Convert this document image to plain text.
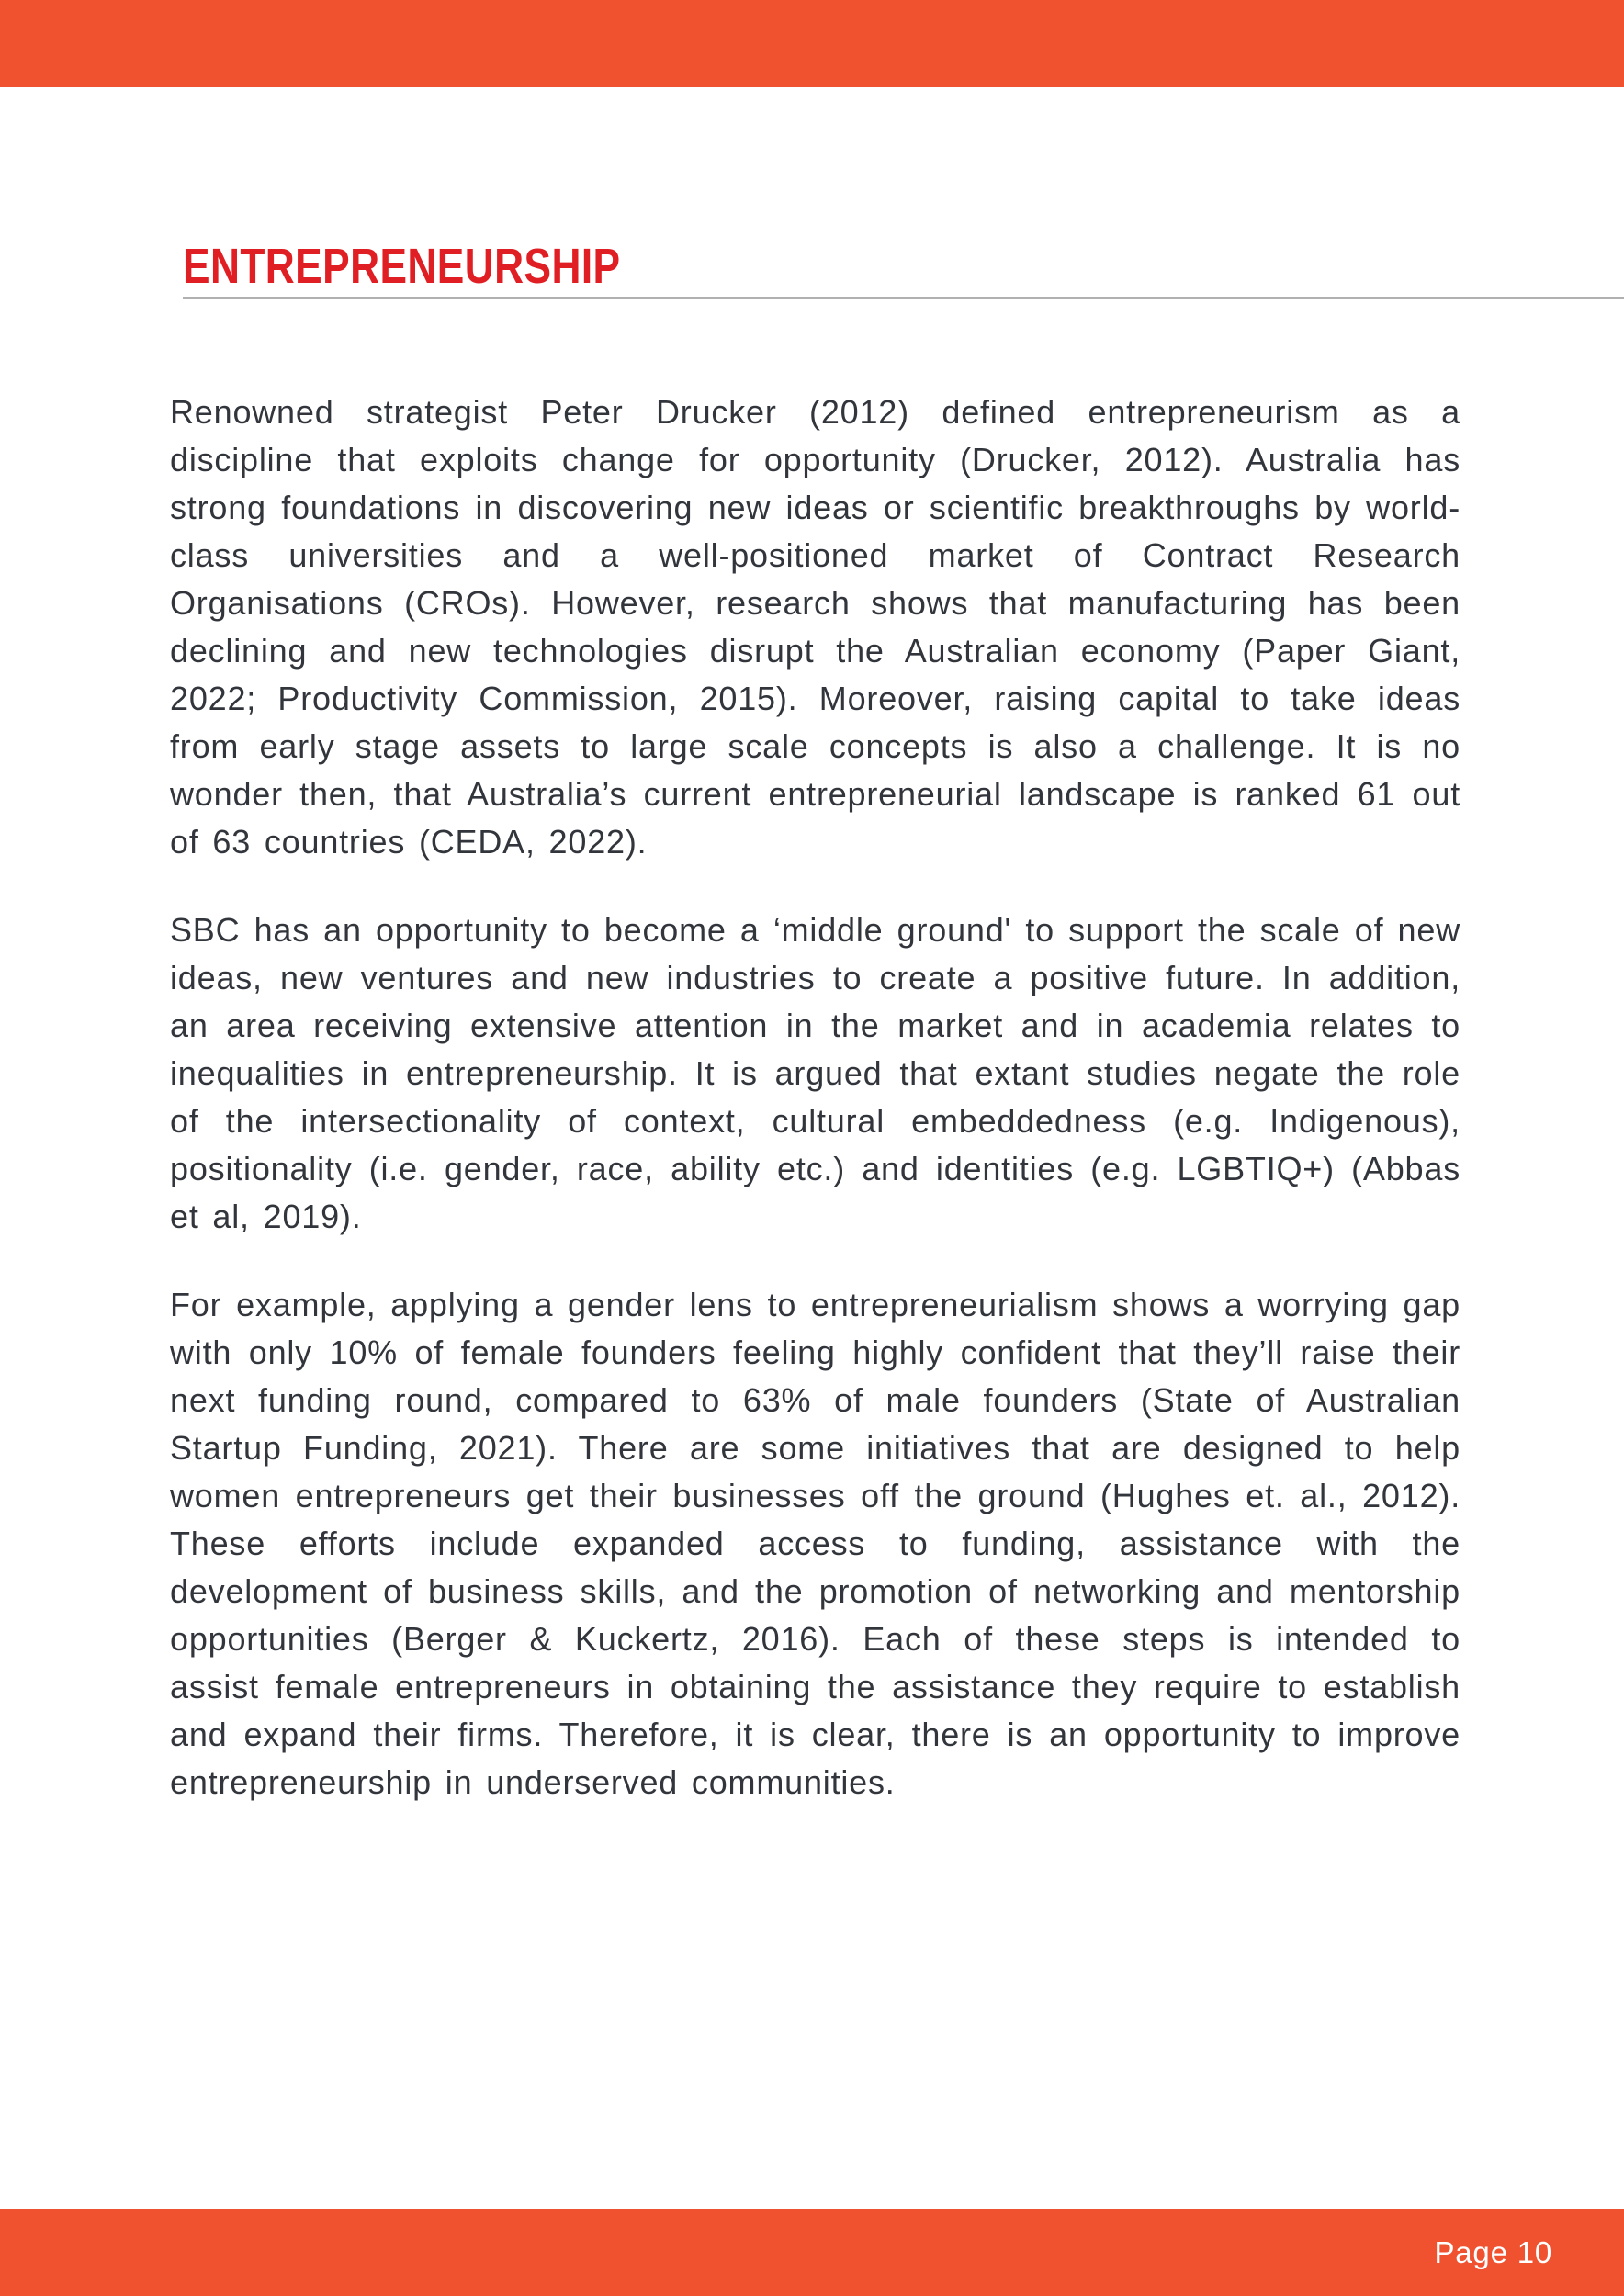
ENTREPRENEURSHIP

Renowned strategist Peter Drucker (2012) defined entrepreneurism as a discipline that exploits change for opportunity (Drucker, 2012). Australia has strong foundations in discovering new ideas or scientific breakthroughs by world-class universities and a well-positioned market of Contract Research Organisations (CROs). However, research shows that manufacturing has been declining and new technologies disrupt the Australian economy (Paper Giant, 2022; Productivity Commission, 2015). Moreover, raising capital to take ideas from early stage assets to large scale concepts is also a challenge. It is no wonder then, that Australia’s current entrepreneurial landscape is ranked 61 out of 63 countries (CEDA, 2022).

SBC has an opportunity to become a ‘middle ground' to support the scale of new ideas, new ventures and new industries to create a positive future. In addition, an area receiving extensive attention in the market and in academia relates to inequalities in entrepreneurship. It is argued that extant studies negate the role of the intersectionality of context, cultural embeddedness (e.g. Indigenous), positionality (i.e. gender, race, ability etc.) and identities (e.g. LGBTIQ+) (Abbas et al, 2019).

For example, applying a gender lens to entrepreneurialism shows a worrying gap with only 10% of female founders feeling highly confident that they’ll raise their next funding round, compared to 63% of male founders (State of Australian Startup Funding, 2021). There are some initiatives that are designed to help women entrepreneurs get their businesses off the ground (Hughes et. al., 2012). These efforts include expanded access to funding, assistance with the development of business skills, and the promotion of networking and mentorship opportunities (Berger & Kuckertz, 2016). Each of these steps is intended to assist female entrepreneurs in obtaining the assistance they require to establish and expand their firms. Therefore, it is clear, there is an opportunity to improve entrepreneurship in underserved communities.

Page 10
